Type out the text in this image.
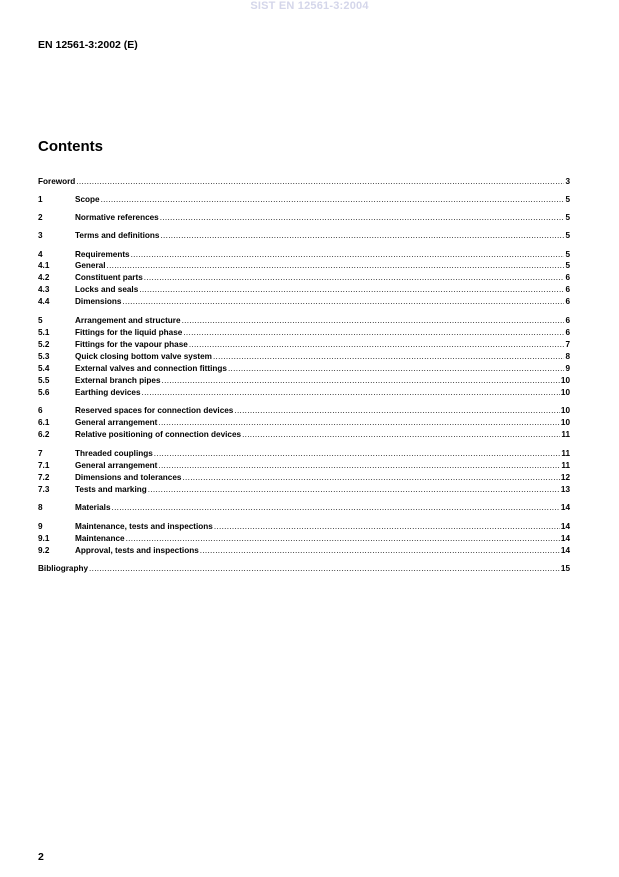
SIST EN 12561-3:2004
EN 12561-3:2002 (E)
Contents
Foreword .....	3
1	Scope .....	5
2	Normative references .....	5
3	Terms and definitions .....	5
4	Requirements .....	5
4.1	General .....	5
4.2	Constituent parts .....	6
4.3	Locks and seals .....	6
4.4	Dimensions .....	6
5	Arrangement and structure .....	6
5.1	Fittings for the liquid phase .....	6
5.2	Fittings for the vapour phase .....	7
5.3	Quick closing bottom valve system .....	8
5.4	External valves and connection fittings .....	9
5.5	External branch pipes .....	10
5.6	Earthing devices .....	10
6	Reserved spaces for connection devices .....	10
6.1	General arrangement .....	10
6.2	Relative positioning of connection devices .....	11
7	Threaded couplings .....	11
7.1	General arrangement .....	11
7.2	Dimensions and tolerances .....	12
7.3	Tests and marking .....	13
8	Materials .....	14
9	Maintenance, tests and inspections .....	14
9.1	Maintenance .....	14
9.2	Approval, tests and inspections .....	14
Bibliography .....	15
2
